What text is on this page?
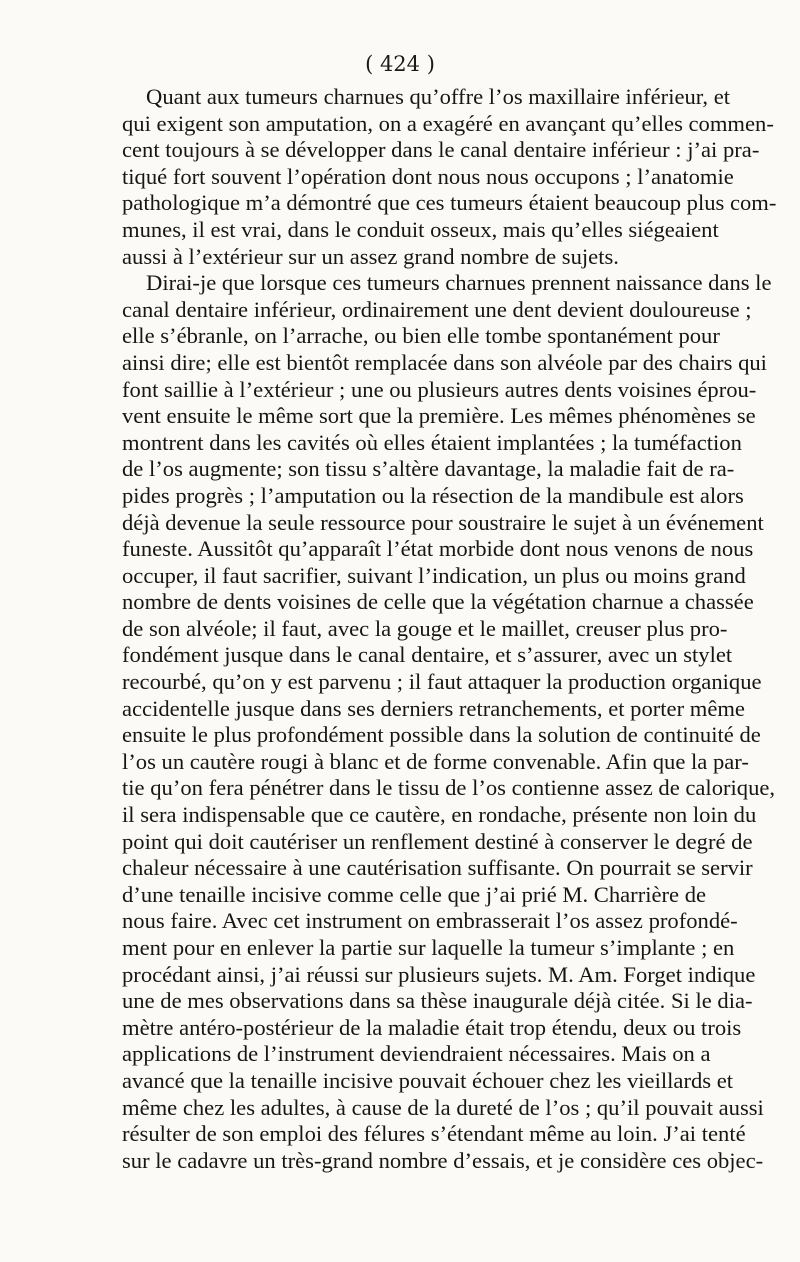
( 424 )
Quant aux tumeurs charnues qu’offre l’os maxillaire inférieur, et
qui exigent son amputation, on a exagéré en avançant qu’elles commen-
cent toujours à se développer dans le canal dentaire inférieur : j’ai pra-
tiqué fort souvent l’opération dont nous nous occupons ; l’anatomie
pathologique m’a démontré que ces tumeurs étaient beaucoup plus com-
munes, il est vrai, dans le conduit osseux, mais qu’elles siégeaient
aussi à l’extérieur sur un assez grand nombre de sujets.
Dirai-je que lorsque ces tumeurs charnues prennent naissance dans le
canal dentaire inférieur, ordinairement une dent devient douloureuse ;
elle s’ébranle, on l’arrache, ou bien elle tombe spontanément pour
ainsi dire; elle est bientôt remplacée dans son alvéole par des chairs qui
font saillie à l’extérieur ; une ou plusieurs autres dents voisines éprou-
vent ensuite le même sort que la première. Les mêmes phénomènes se
montrent dans les cavités où elles étaient implantées ; la tuméfaction
de l’os augmente; son tissu s’altère davantage, la maladie fait de ra-
pides progrès ; l’amputation ou la résection de la mandibule est alors
déjà devenue la seule ressource pour soustraire le sujet à un événement
funeste. Aussitôt qu’apparaît l’état morbide dont nous venons de nous
occuper, il faut sacrifier, suivant l’indication, un plus ou moins grand
nombre de dents voisines de celle que la végétation charnue a chassée
de son alvéole; il faut, avec la gouge et le maillet, creuser plus pro-
fondément jusque dans le canal dentaire, et s’assurer, avec un stylet
recourbé, qu’on y est parvenu ; il faut attaquer la production organique
accidentelle jusque dans ses derniers retranchements, et porter même
ensuite le plus profondément possible dans la solution de continuité de
l’os un cautère rougi à blanc et de forme convenable. Afin que la par-
tie qu’on fera pénétrer dans le tissu de l’os contienne assez de calorique,
il sera indispensable que ce cautère, en rondache, présente non loin du
point qui doit cautériser un renflement destiné à conserver le degré de
chaleur nécessaire à une cautérisation suffisante. On pourrait se servir
d’une tenaille incisive comme celle que j’ai prié M. Charrière de
nous faire. Avec cet instrument on embrasserait l’os assez profondé-
ment pour en enlever la partie sur laquelle la tumeur s’implante ; en
procédant ainsi, j’ai réussi sur plusieurs sujets. M. Am. Forget indique
une de mes observations dans sa thèse inaugurale déjà citée. Si le dia-
mètre antéro-postérieur de la maladie était trop étendu, deux ou trois
applications de l’instrument deviendraient nécessaires. Mais on a
avancé que la tenaille incisive pouvait échouer chez les vieillards et
même chez les adultes, à cause de la dureté de l’os ; qu’il pouvait aussi
résulter de son emploi des félures s’étendant même au loin. J’ai tenté
sur le cadavre un très-grand nombre d’essais, et je considère ces objec-
